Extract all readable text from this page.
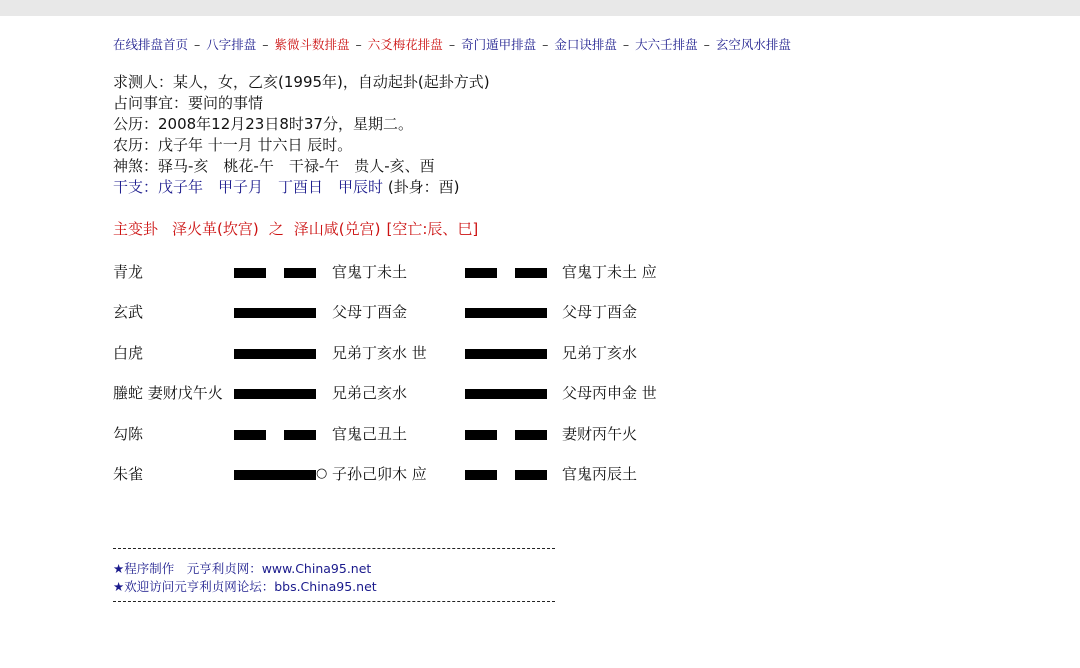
在线排盘首页 – 八字排盘 – 紫微斗数排盘 – 六爻梅花排盘 – 奇门遁甲排盘 – 金口诀排盘 – 大六壬排盘 – 玄空风水排盘
求测人：某人，女，乙亥(1995年)，自动起卦(起卦方式)
占问事宜：要问的事情
公历：2008年12月23日8时37分，星期二。
农历：戊子年 十一月 廿六日 辰时。
神煞：驿马-亥　桃花-午　干禄-午　贵人-亥、酉
干支：戊子年　甲子月　丁酉日　甲辰时 (卦身：酉)
主变卦 泽火革(坎宫) 之 泽山咸(兑宫) [空亡:辰、巳]
青龙	官鬼丁未土	官鬼丁未土 应
玄武	父母丁酉金	父母丁酉金
白虎	兄弟丁亥水 世	兄弟丁亥水
螣蛇 妻财戊午火	兄弟己亥水	父母丙申金 世
勾陈	官鬼己丑土	妻财丙午火
朱雀	○ 子孙己卯木 应	官鬼丙辰土
★程序制作　元亨利贞网：www.China95.net
★欢迎访问元亨利贞网论坛：bbs.China95.net
